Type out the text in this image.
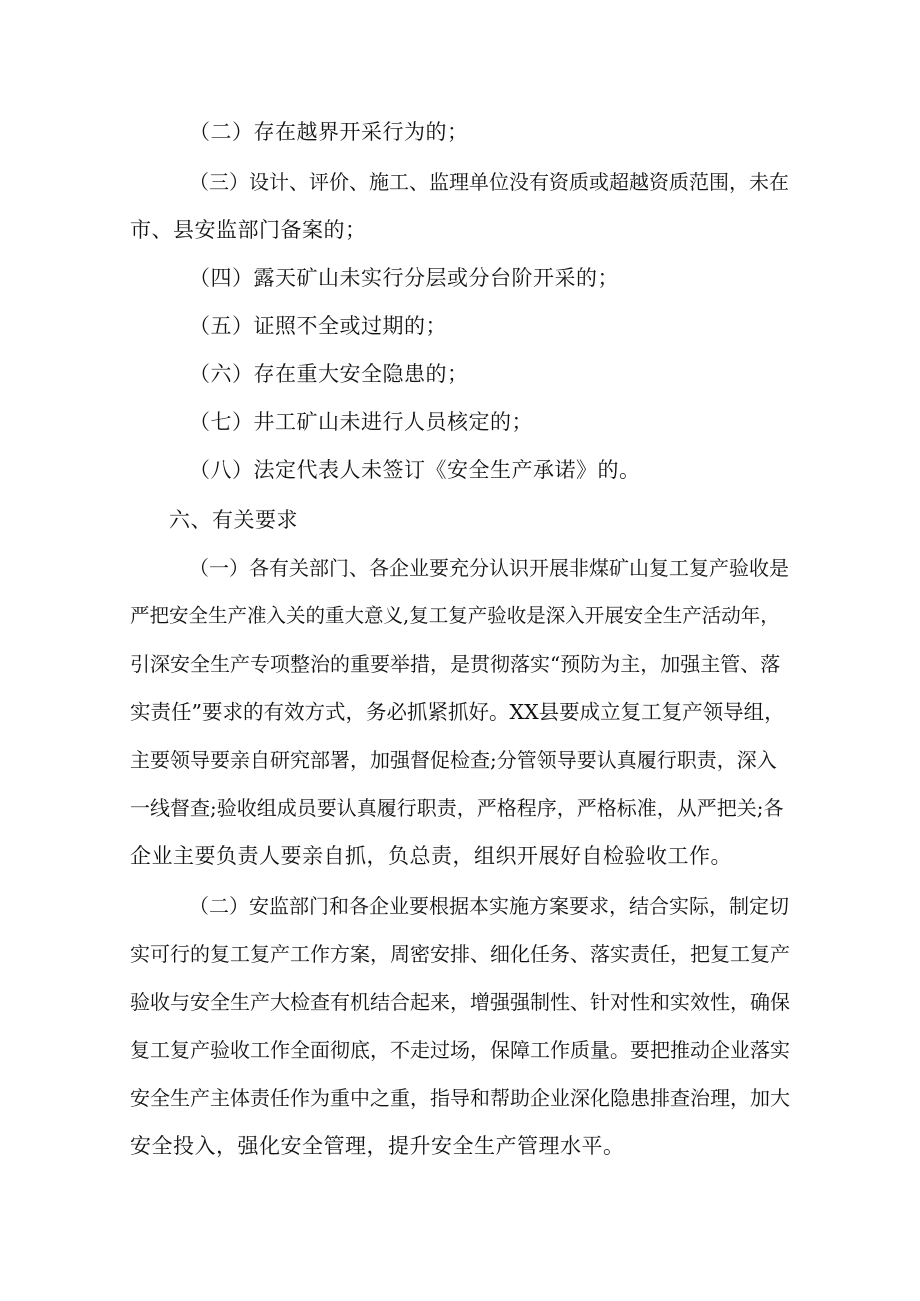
（二）存在越界开采行为的；

（三）设计、评价、施工、监理单位没有资质或超越资质范围，未在

市、县安监部门备案的；

（四）露天矿山未实行分层或分台阶开采的；

（五）证照不全或过期的；

（六）存在重大安全隐患的；

（七）井工矿山未进行人员核定的；

（八）法定代表人未签订《安全生产承诺》的。

六、有关要求

（一）各有关部门、各企业要充分认识开展非煤矿山复工复产验收是

严把安全生产准入关的重大意义,复工复产验收是深入开展安全生产活动年，

引深安全生产专项整治的重要举措，是贯彻落实“预防为主，加强主管、落

实责任”要求的有效方式，务必抓紧抓好。XX县要成立复工复产领导组，

主要领导要亲自研究部署，加强督促检查;分管领导要认真履行职责，深入

一线督查;验收组成员要认真履行职责，严格程序，严格标准，从严把关;各

企业主要负责人要亲自抓，负总责，组织开展好自检验收工作。

（二）安监部门和各企业要根据本实施方案要求，结合实际，制定切

实可行的复工复产工作方案，周密安排、细化任务、落实责任，把复工复产

验收与安全生产大检查有机结合起来，增强强制性、针对性和实效性，确保

复工复产验收工作全面彻底，不走过场，保障工作质量。要把推动企业落实

安全生产主体责任作为重中之重，指导和帮助企业深化隐患排查治理，加大

安全投入，强化安全管理，提升安全生产管理水平。
